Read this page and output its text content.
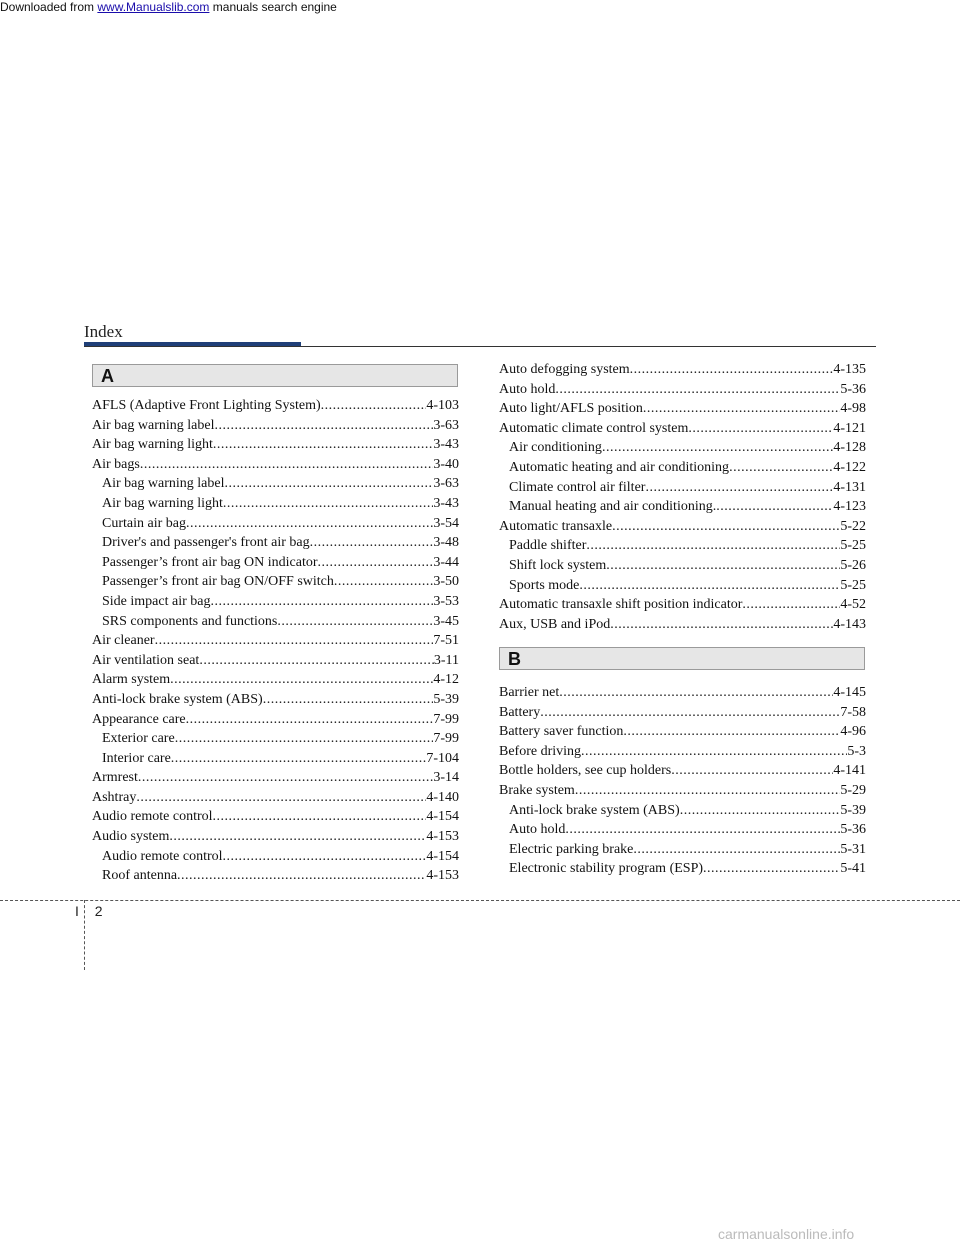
Downloaded from www.Manualslib.com manuals search engine
Index
A
AFLS (Adaptive Front Lighting System) .....	4-103
Air bag warning label .....	3-63
Air bag warning light .....	3-43
Air bags .....	3-40
Air bag warning label .....	3-63
Air bag warning light .....	3-43
Curtain air bag .....	3-54
Driver's and passenger's front air bag .....	3-48
Passenger’s front air bag ON indicator .....	3-44
Passenger’s front air bag ON/OFF switch .....	3-50
Side impact air bag .....	3-53
SRS components and functions .....	3-45
Air cleaner .....	7-51
Air ventilation seat .....	3-11
Alarm system .....	4-12
Anti-lock brake system (ABS) .....	5-39
Appearance care .....	7-99
Exterior care .....	7-99
Interior care .....	7-104
Armrest .....	3-14
Ashtray .....	4-140
Audio remote control .....	4-154
Audio system .....	4-153
Audio remote control .....	4-154
Roof antenna .....	4-153
Auto defogging system .....	4-135
Auto hold .....	5-36
Auto light/AFLS position .....	4-98
Automatic climate control system .....	4-121
Air conditioning .....	4-128
Automatic heating and air conditioning .....	4-122
Climate control air filter .....	4-131
Manual heating and air conditioning. .....	4-123
Automatic transaxle .....	5-22
Paddle shifter .....	5-25
Shift lock system .....	5-26
Sports mode .....	5-25
Automatic transaxle shift position indicator .....	4-52
Aux, USB and iPod .....	4-143
B
Barrier net .....	4-145
Battery .....	7-58
Battery saver function .....	4-96
Before driving .....	5-3
Bottle holders, see cup holders .....	4-141
Brake system .....	5-29
Anti-lock brake system (ABS) .....	5-39
Auto hold .....	5-36
Electric parking brake .....	5-31
Electronic stability program (ESP) .....	5-41
I 2
carmanualsonline.info
